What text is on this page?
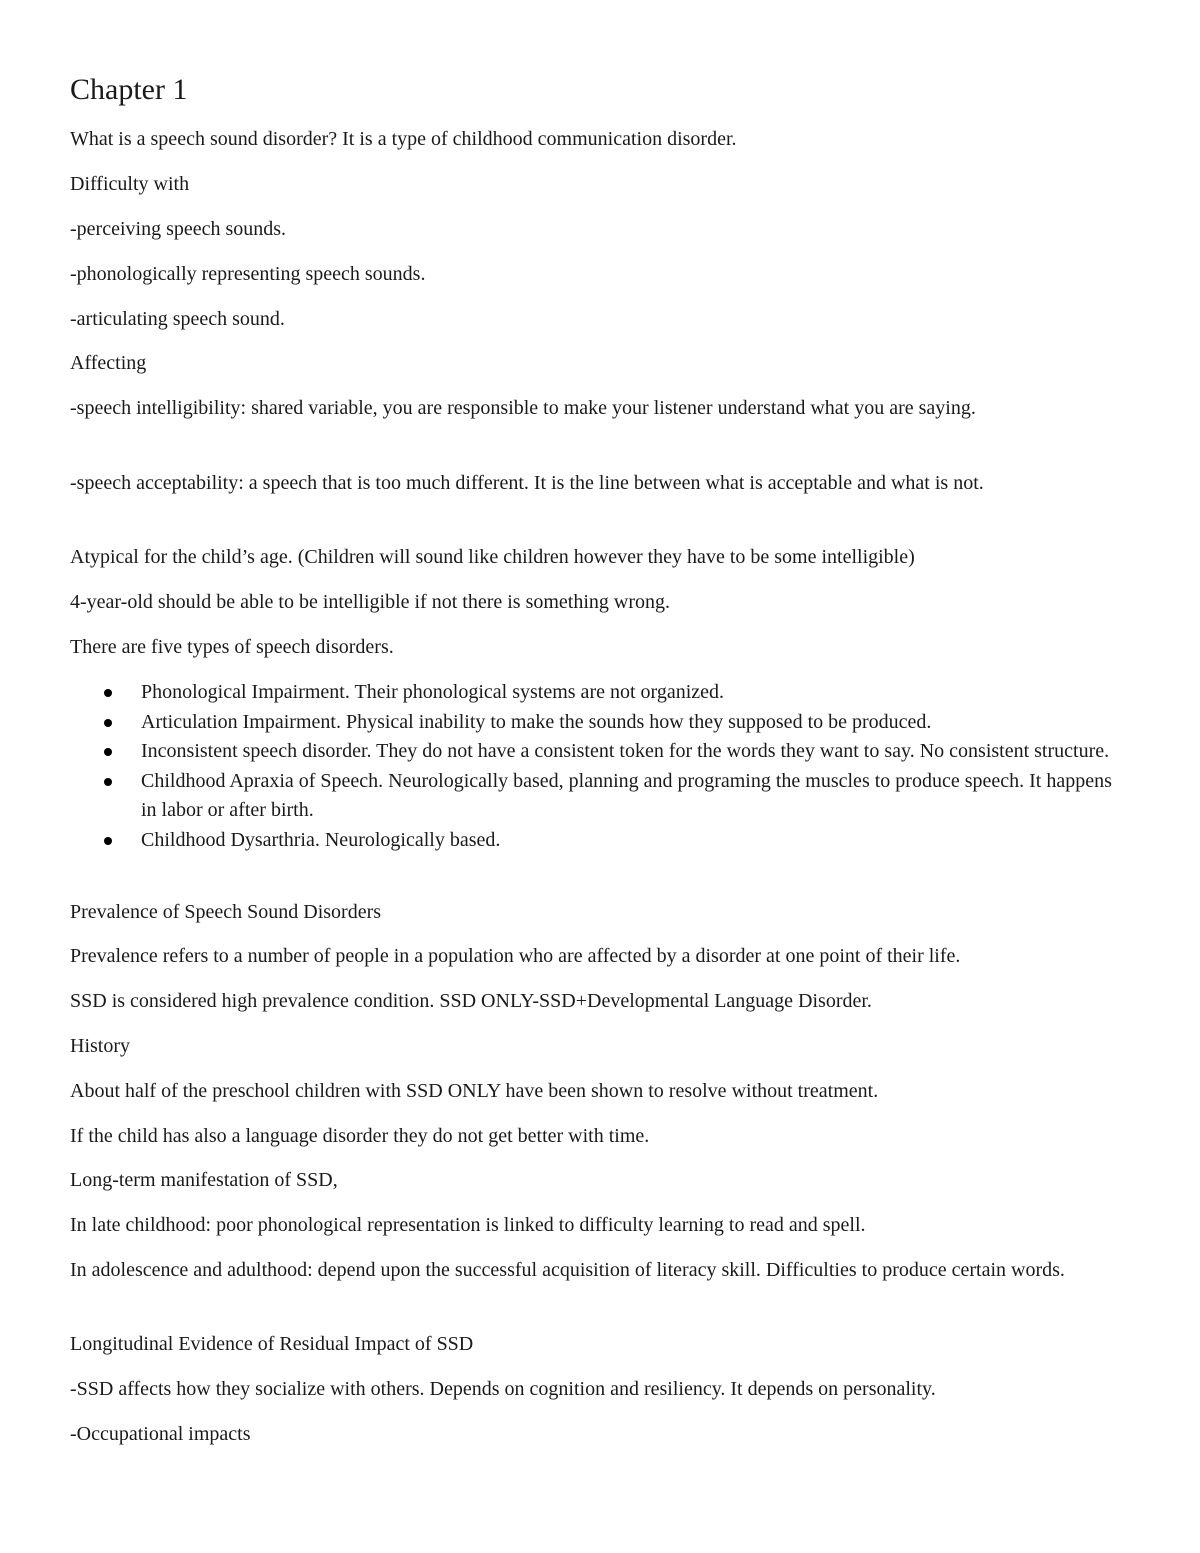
Chapter 1

What is a speech sound disorder? It is a type of childhood communication disorder.

Difficulty with

-perceiving speech sounds.

-phonologically representing speech sounds.

-articulating speech sound.

Affecting

-speech intelligibility: shared variable, you are responsible to make your listener understand what you are saying.

-speech acceptability: a speech that is too much different. It is the line between what is acceptable and what is not.

Atypical for the child’s age. (Children will sound like children however they have to be some intelligible)

4-year-old should be able to be intelligible if not there is something wrong.

There are five types of speech disorders.

Phonological Impairment. Their phonological systems are not organized.
Articulation Impairment. Physical inability to make the sounds how they supposed to be produced.
Inconsistent speech disorder. They do not have a consistent token for the words they want to say. No consistent structure.
Childhood Apraxia of Speech. Neurologically based, planning and programing the muscles to produce speech. It happens in labor or after birth.
Childhood Dysarthria. Neurologically based.

Prevalence of Speech Sound Disorders

Prevalence refers to a number of people in a population who are affected by a disorder at one point of their life.

SSD is considered high prevalence condition. SSD ONLY-SSD+Developmental Language Disorder.

History

About half of the preschool children with SSD ONLY have been shown to resolve without treatment.

If the child has also a language disorder they do not get better with time.

Long-term manifestation of SSD,

In late childhood: poor phonological representation is linked to difficulty learning to read and spell.

In adolescence and adulthood: depend upon the successful acquisition of literacy skill. Difficulties to produce certain words.

Longitudinal Evidence of Residual Impact of SSD

-SSD affects how they socialize with others. Depends on cognition and resiliency. It depends on personality.

-Occupational impacts
